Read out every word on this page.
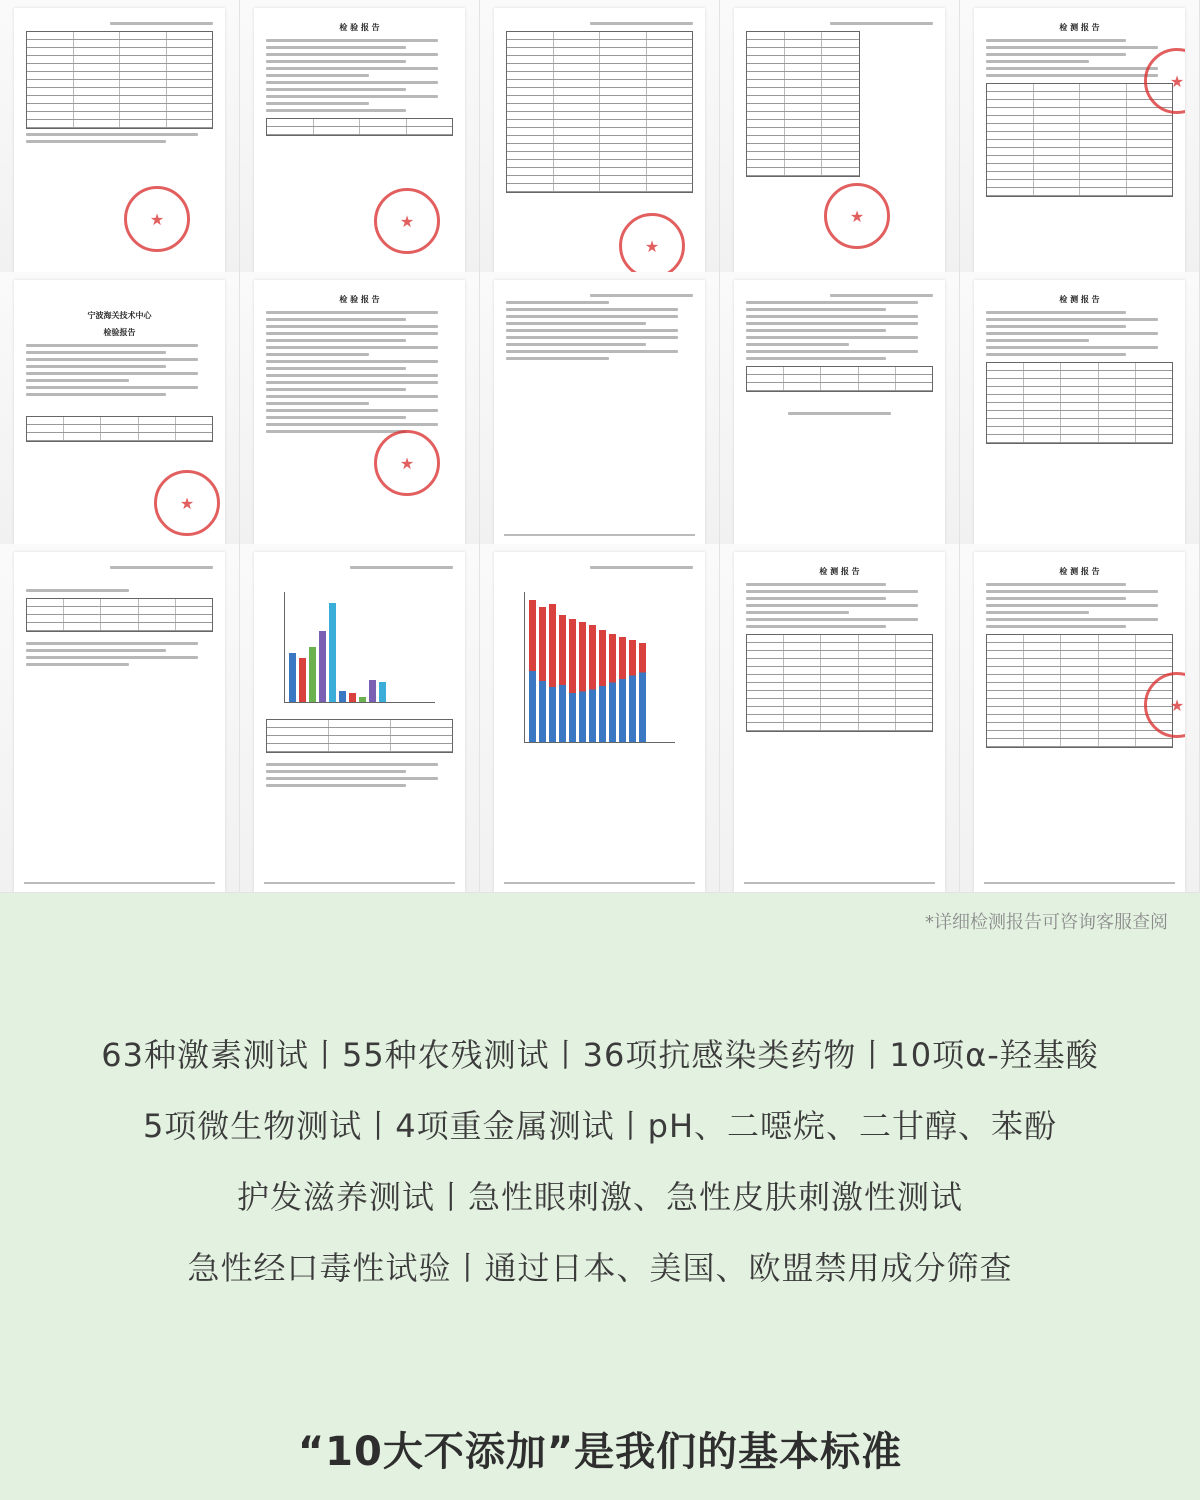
★
检 验 报 告
★
★
★	检 测 报 告
★
宁波海关技术中心
检验报告
★
检 验 报 告
★	检 测 报 告
检 测 报 告	检 测 报 告
★
*详细检测报告可咨询客服查阅
63种激素测试丨55种农残测试丨36项抗感染类药物丨10项α-羟基酸
5项微生物测试丨4项重金属测试丨pH、二噁烷、二甘醇、苯酚
护发滋养测试丨急性眼刺激、急性皮肤刺激性测试
急性经口毒性试验丨通过日本、美国、欧盟禁用成分筛查
“10大不添加”是我们的基本标准
